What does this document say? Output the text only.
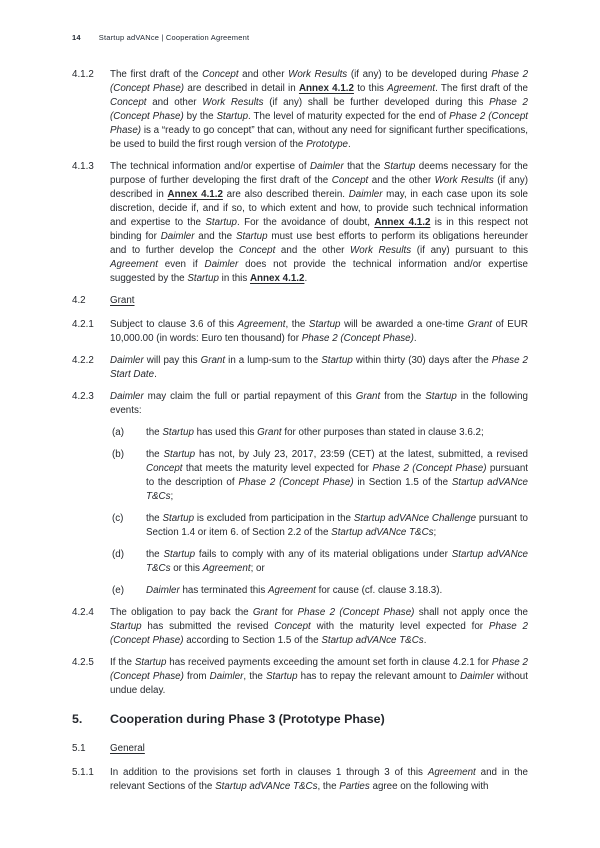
14 Startup adVANce | Cooperation Agreement
4.1.2	The first draft of the Concept and other Work Results (if any) to be developed during Phase 2 (Concept Phase) are described in detail in Annex 4.1.2 to this Agreement. The first draft of the Concept and other Work Results (if any) shall be further developed during this Phase 2 (Concept Phase) by the Startup. The level of maturity expected for the end of Phase 2 (Concept Phase) is a “ready to go concept” that can, without any need for significant further specifications, be used to build the first rough version of the Prototype.

4.1.3	The technical information and/or expertise of Daimler that the Startup deems necessary for the purpose of further developing the first draft of the Concept and the other Work Results (if any) described in Annex 4.1.2 are also described therein. Daimler may, in each case upon its sole discretion, decide if, and if so, to which extent and how, to provide such technical information and expertise to the Startup. For the avoidance of doubt, Annex 4.1.2 is in this respect not binding for Daimler and the Startup must use best efforts to perform its obligations hereunder and to further develop the Concept and the other Work Results (if any) pursuant to this Agreement even if Daimler does not provide the technical information and/or expertise suggested by the Startup in this Annex 4.1.2.

4.2	Grant

4.2.1	Subject to clause 3.6 of this Agreement, the Startup will be awarded a one-time Grant of EUR 10,000.00 (in words: Euro ten thousand) for Phase 2 (Concept Phase).

4.2.2	Daimler will pay this Grant in a lump-sum to the Startup within thirty (30) days after the Phase 2 Start Date.

4.2.3	Daimler may claim the full or partial repayment of this Grant from the Startup in the following events:

(a)	the Startup has used this Grant for other purposes than stated in clause 3.6.2;

(b)	the Startup has not, by July 23, 2017, 23:59 (CET) at the latest, submitted, a revised Concept that meets the maturity level expected for Phase 2 (Concept Phase) pursuant to the description of Phase 2 (Concept Phase) in Section 1.5 of the Startup adVANce T&Cs;

(c)	the Startup is excluded from participation in the Startup adVANce Challenge pursuant to Section 1.4 or item 6. of Section 2.2 of the Startup adVANce T&Cs;

(d)	the Startup fails to comply with any of its material obligations under Startup adVANce T&Cs or this Agreement; or

(e)	Daimler has terminated this Agreement for cause (cf. clause 3.18.3).

4.2.4	The obligation to pay back the Grant for Phase 2 (Concept Phase) shall not apply once the Startup has submitted the revised Concept with the maturity level expected for Phase 2 (Concept Phase) according to Section 1.5 of the Startup adVANce T&Cs.

4.2.5	If the Startup has received payments exceeding the amount set forth in clause 4.2.1 for Phase 2 (Concept Phase) from Daimler, the Startup has to repay the relevant amount to Daimler without undue delay.

5.	Cooperation during Phase 3 (Prototype Phase)

5.1	General

5.1.1	In addition to the provisions set forth in clauses 1 through 3 of this Agreement and in the relevant Sections of the Startup adVANce T&Cs, the Parties agree on the following with
